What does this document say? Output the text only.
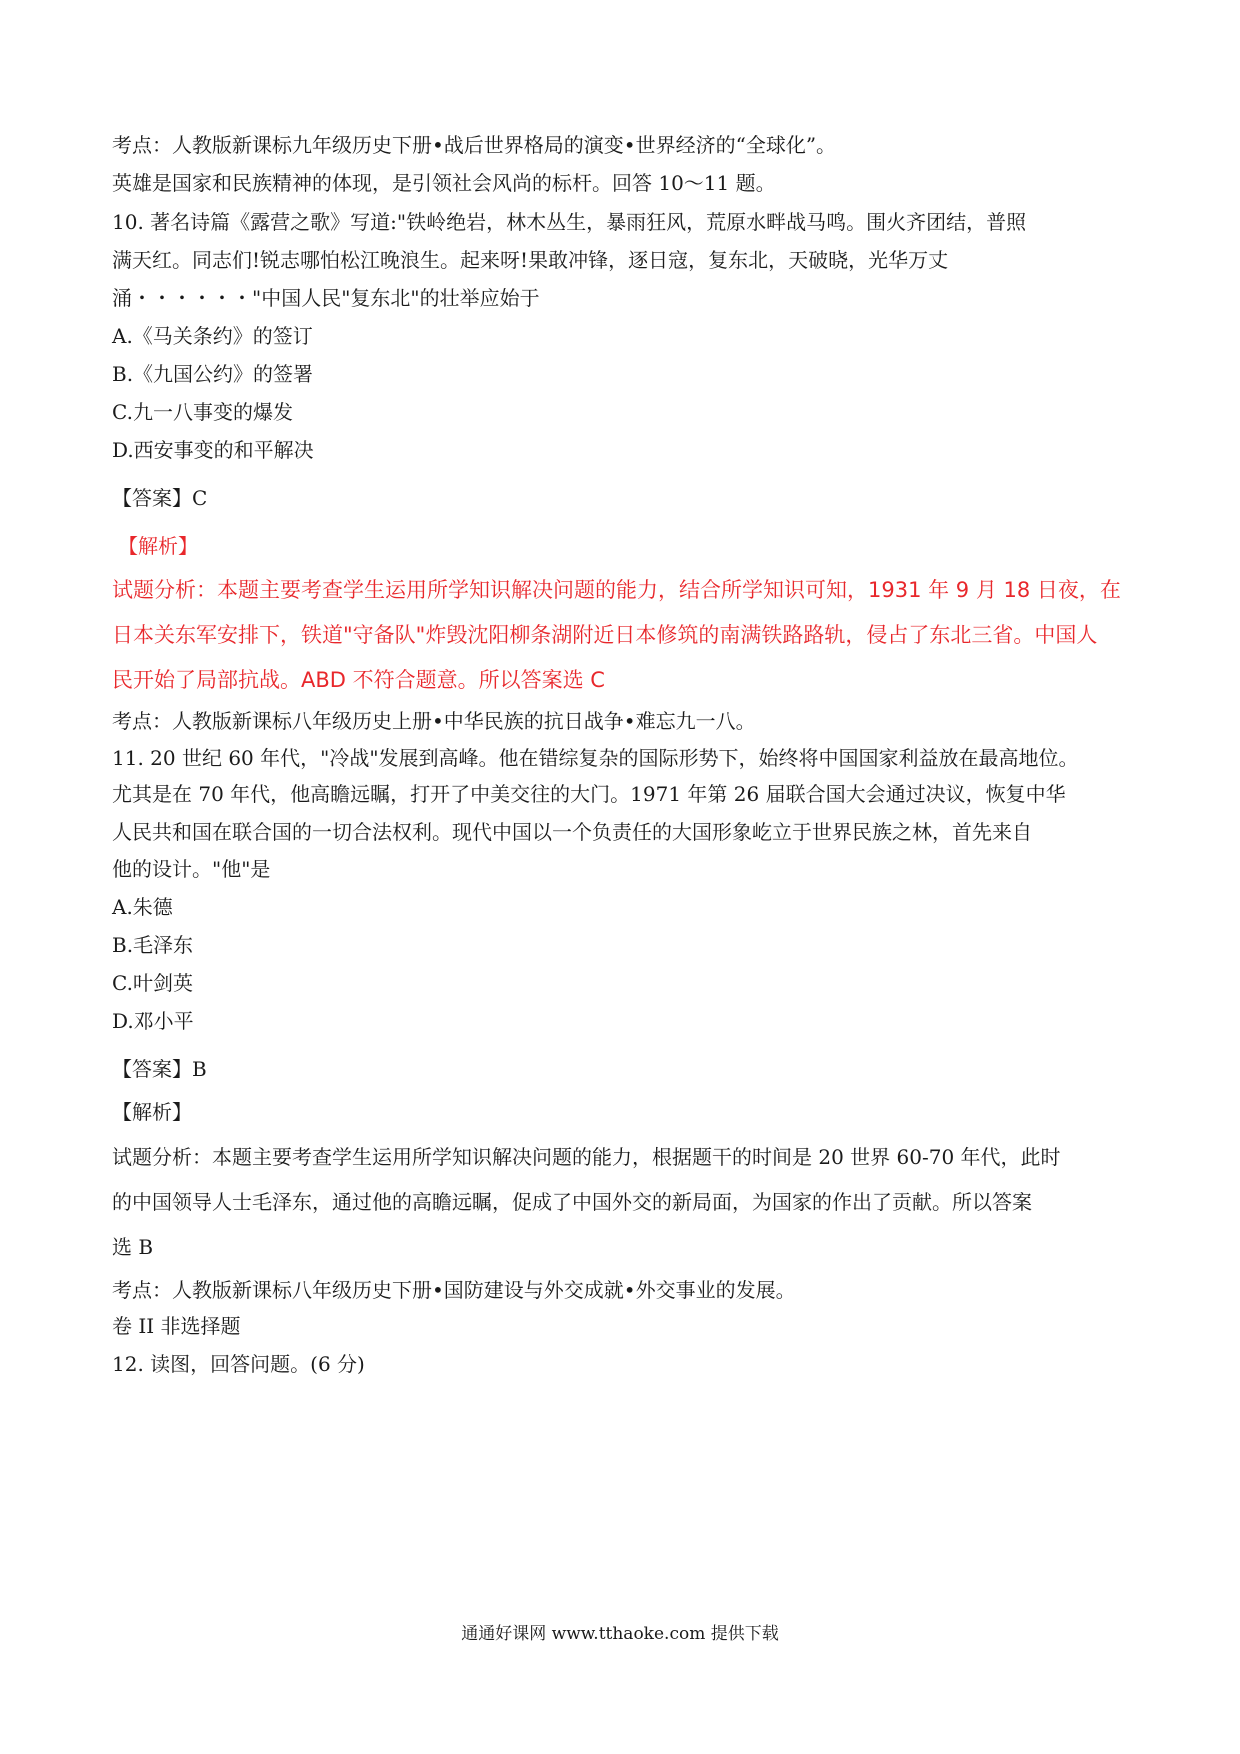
考点：人教版新课标九年级历史下册•战后世界格局的演变•世界经济的“全球化”。
英雄是国家和民族精神的体现，是引领社会风尚的标杆。回答 10～11 题。
10. 著名诗篇《露营之歌》写道:"铁岭绝岩，林木丛生，暴雨狂风，荒原水畔战马鸣。围火齐团结，普照
满天红。同志们!锐志哪怕松江晚浪生。起来呀!果敢冲锋，逐日寇，复东北，天破晓，光华万丈
涌・・・・・・"中国人民"复东北"的壮举应始于
A.《马关条约》的签订
B.《九国公约》的签署
C.九一八事变的爆发
D.西安事变的和平解决
【答案】C
【解析】
试题分析：本题主要考查学生运用所学知识解决问题的能力，结合所学知识可知，1931 年 9 月 18 日夜，在
日本关东军安排下，铁道"守备队"炸毁沈阳柳条湖附近日本修筑的南满铁路路轨，侵占了东北三省。中国人
民开始了局部抗战。ABD 不符合题意。所以答案选 C
考点：人教版新课标八年级历史上册•中华民族的抗日战争•难忘九一八。
11. 20 世纪 60 年代，"冷战"发展到高峰。他在错综复杂的国际形势下，始终将中国国家利益放在最高地位。
尤其是在 70 年代，他高瞻远瞩，打开了中美交往的大门。1971 年第 26 届联合国大会通过决议，恢复中华
人民共和国在联合国的一切合法权利。现代中国以一个负责任的大国形象屹立于世界民族之林，首先来自
他的设计。"他"是
A.朱德
B.毛泽东
C.叶剑英
D.邓小平
【答案】B
【解析】
试题分析：本题主要考查学生运用所学知识解决问题的能力，根据题干的时间是 20 世界 60-70 年代，此时
的中国领导人士毛泽东，通过他的高瞻远瞩，促成了中国外交的新局面，为国家的作出了贡献。所以答案
选 B
考点：人教版新课标八年级历史下册•国防建设与外交成就•外交事业的发展。
卷 II 非选择题
12. 读图，回答问题。(6 分)
通通好课网 www.tthaoke.com 提供下载
